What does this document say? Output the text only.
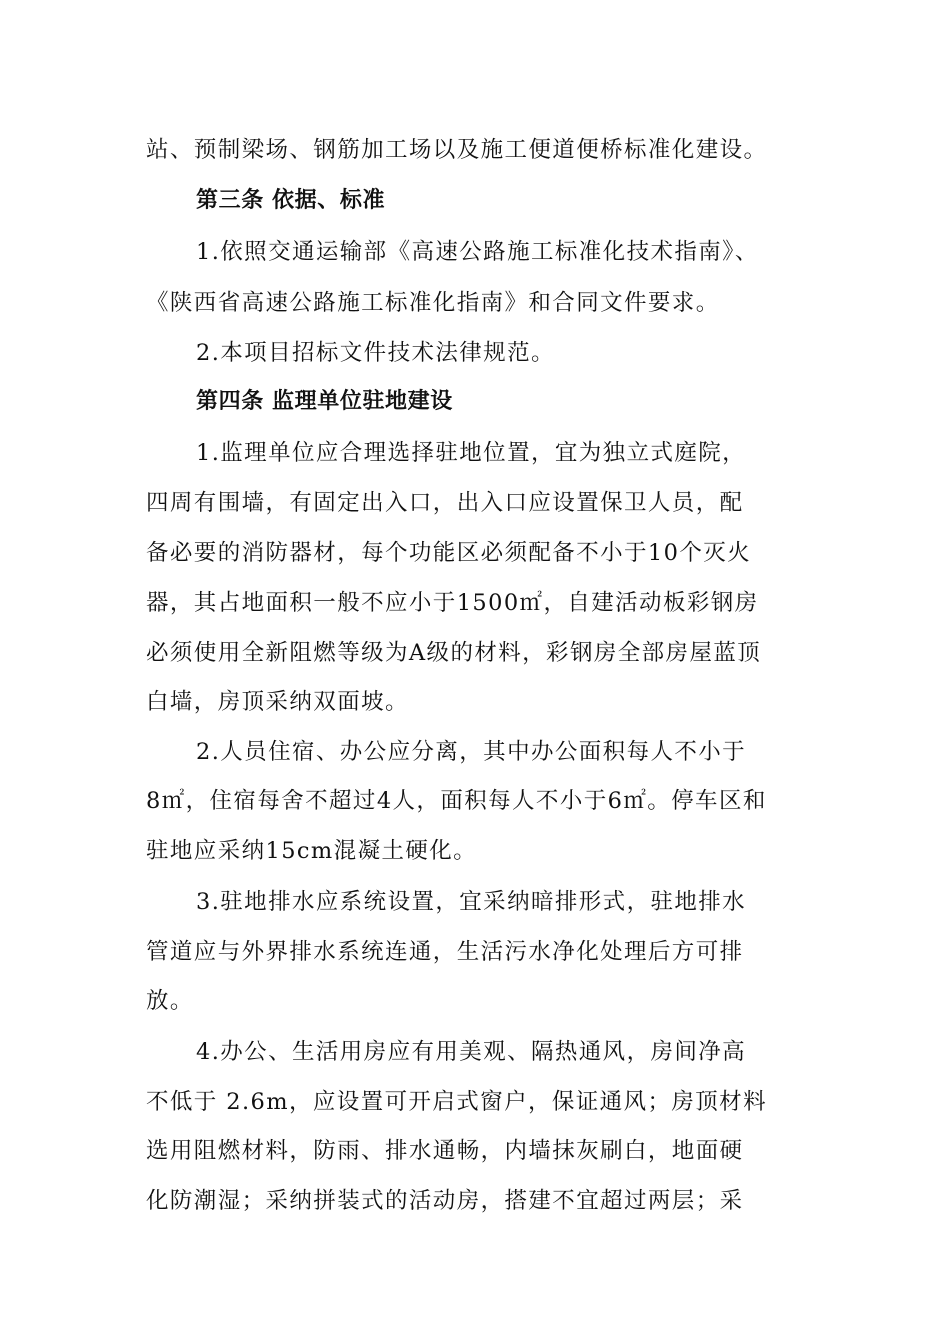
站、预制梁场、钢筋加工场以及施工便道便桥标准化建设。
第三条 依据、标准
1.依照交通运输部《高速公路施工标准化技术指南》、
《陕西省高速公路施工标准化指南》和合同文件要求。
2.本项目招标文件技术法律规范。
第四条 监理单位驻地建设
1.监理单位应合理选择驻地位置，宜为独立式庭院，
四周有围墙，有固定出入口，出入口应设置保卫人员，配
备必要的消防器材，每个功能区必须配备不小于10个灭火
器，其占地面积一般不应小于1500㎡，自建活动板彩钢房
必须使用全新阻燃等级为A级的材料，彩钢房全部房屋蓝顶
白墙，房顶采纳双面坡。
2.人员住宿、办公应分离，其中办公面积每人不小于
8㎡，住宿每舍不超过4人，面积每人不小于6㎡。停车区和
驻地应采纳15cm混凝土硬化。
3.驻地排水应系统设置，宜采纳暗排形式，驻地排水
管道应与外界排水系统连通，生活污水净化处理后方可排
放。
4.办公、生活用房应有用美观、隔热通风，房间净高
不低于 2.6m，应设置可开启式窗户，保证通风；房顶材料
选用阻燃材料，防雨、排水通畅，内墙抹灰刷白，地面硬
化防潮湿；采纳拼装式的活动房，搭建不宜超过两层；采
